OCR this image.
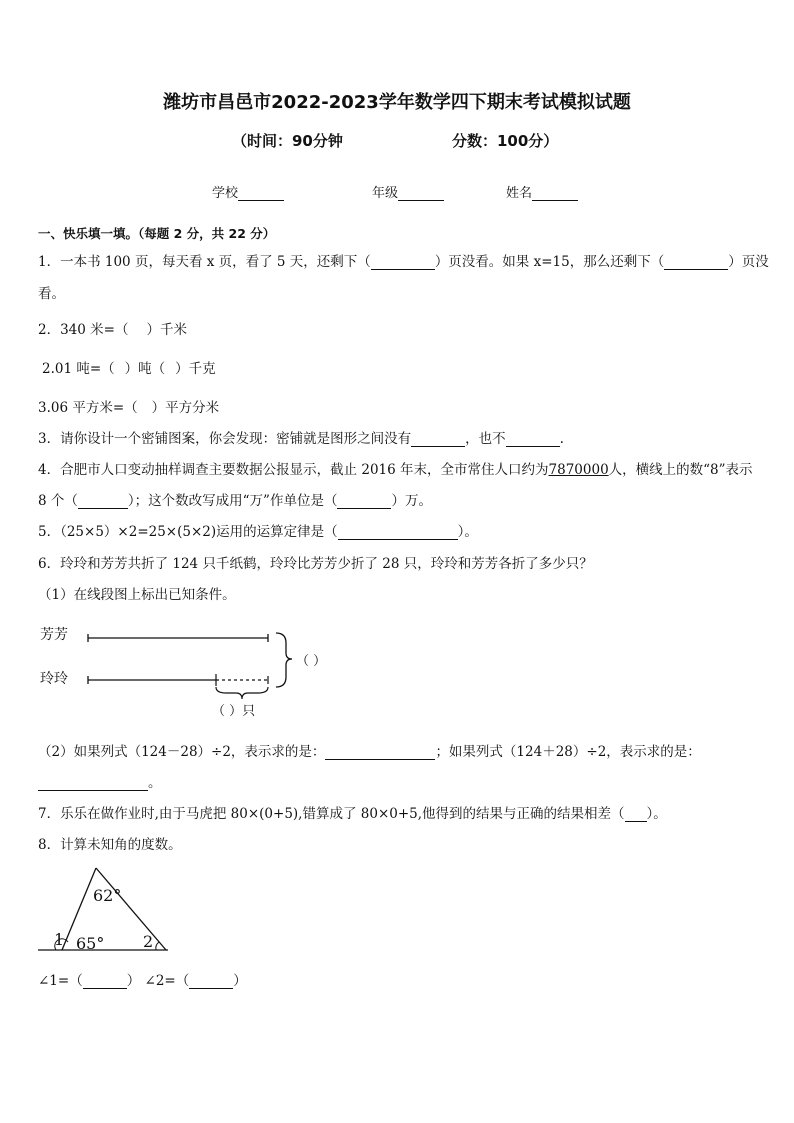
潍坊市昌邑市2022-2023学年数学四下期末考试模拟试题
（时间：90分钟	分数：100分）
学校	年级	姓名
一、快乐填一填。（每题 2 分，共 22 分）
1．一本书 100 页，每天看 x 页，看了 5 天，还剩下（	）页没看。如果 x=15，那么还剩下（	）页没
看。
2．340 米=（ ）千米
2.01 吨=（ ）吨（ ）千克
3.06 平方米=（ ）平方分米
3．请你设计一个密铺图案，你会发现：密铺就是图形之间没有	，也不	.
4．合肥市人口变动抽样调查主要数据公报显示，截止 2016 年末，全市常住人口约为7870000人，横线上的数“8”表示
8 个（	）；这个数改写成用“万”作单位是（	）万。
5．（25×5）×2=25×(5×2)运用的运算定律是（	）。
6．玲玲和芳芳共折了 124 只千纸鹤，玲玲比芳芳少折了 28 只，玲玲和芳芳各折了多少只？
（1）在线段图上标出已知条件。
芳芳
玲玲
（ ）
（ ）只
（2）如果列式（124－28）÷2，表示求的是：	；如果列式（124＋28）÷2，表示求的是：
。
7．乐乐在做作业时,由于马虎把 80×(0+5),错算成了 80×0+5,他得到的结果与正确的结果相差（ ）。
8．计算未知角的度数。
62°
65°
1	2
∠1=（	） ∠2=（	）
